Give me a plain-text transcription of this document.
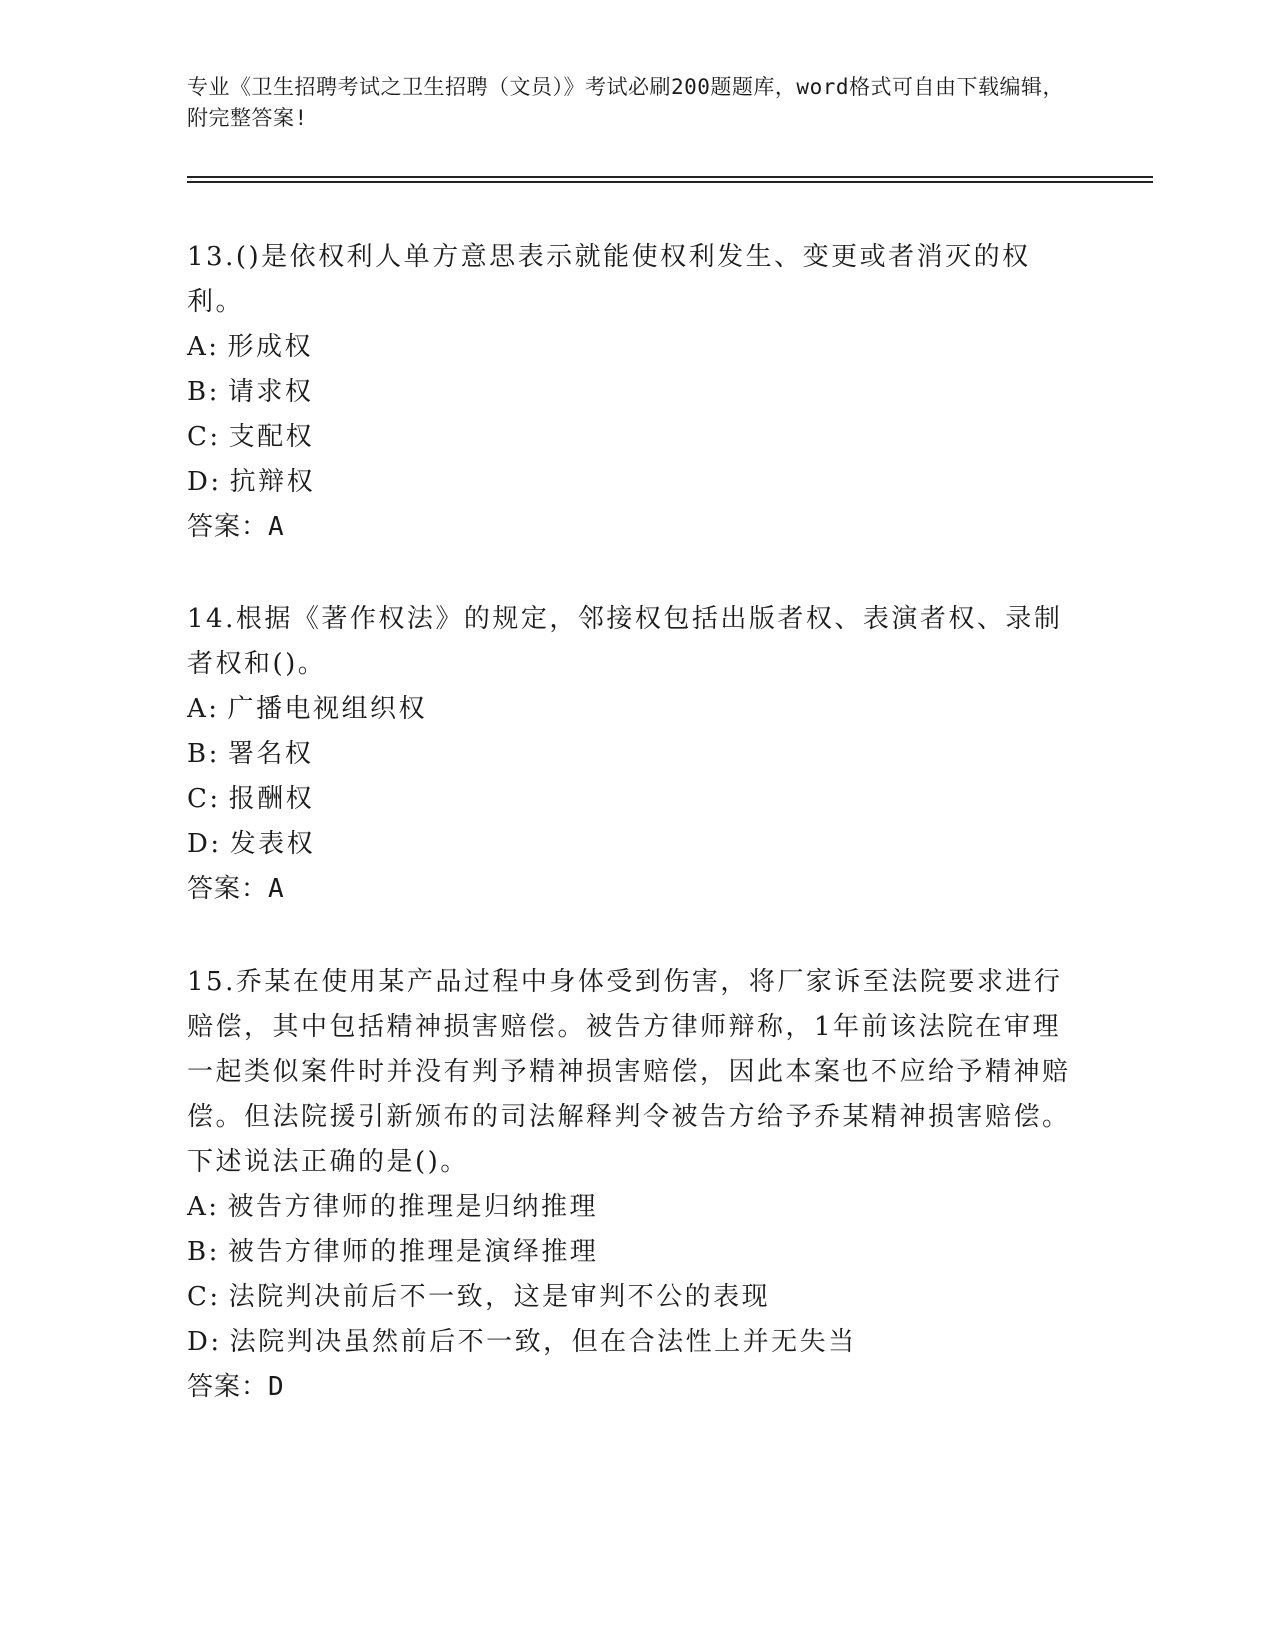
专业《卫生招聘考试之卫生招聘（文员）》考试必刷200题题库，word格式可自由下载编辑，附完整答案!

13.()是依权利人单方意思表示就能使权利发生、变更或者消灭的权利。

A: 形成权

B: 请求权

C: 支配权

D: 抗辩权

答案：A

14.根据《著作权法》的规定，邻接权包括出版者权、表演者权、录制者权和()。

A: 广播电视组织权

B: 署名权

C: 报酬权

D: 发表权

答案：A

15.乔某在使用某产品过程中身体受到伤害，将厂家诉至法院要求进行赔偿，其中包括精神损害赔偿。被告方律师辩称，1年前该法院在审理一起类似案件时并没有判予精神损害赔偿，因此本案也不应给予精神赔偿。但法院援引新颁布的司法解释判令被告方给予乔某精神损害赔偿。下述说法正确的是()。

A: 被告方律师的推理是归纳推理

B: 被告方律师的推理是演绎推理

C: 法院判决前后不一致，这是审判不公的表现

D: 法院判决虽然前后不一致，但在合法性上并无失当

答案：D
